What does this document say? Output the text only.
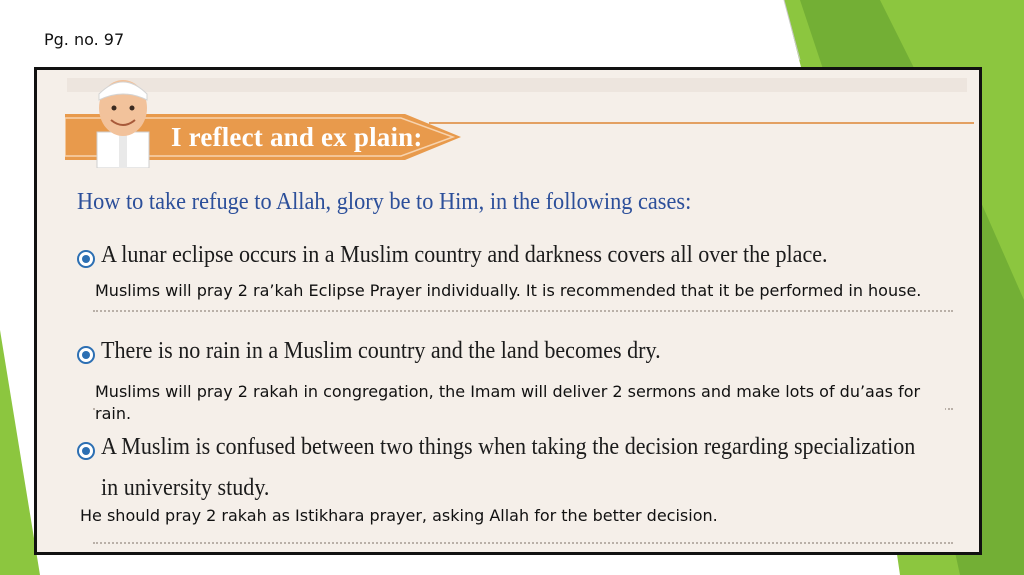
Pg. no. 97
I reflect and ex plain:
How to take refuge to Allah, glory be to Him, in the following cases:
A lunar eclipse occurs in a Muslim country and darkness covers all over the place.
Muslims will pray 2 ra’kah Eclipse Prayer individually. It is recommended that it be performed in house.
There is no rain in a Muslim country and the land becomes dry.
Muslims will pray 2 rakah in congregation, the Imam will deliver 2 sermons and make lots of du’aas for rain.
A Muslim is confused between two things when taking the decision regarding specialization
in university study.
He should pray 2 rakah as Istikhara prayer, asking Allah for the better decision.
